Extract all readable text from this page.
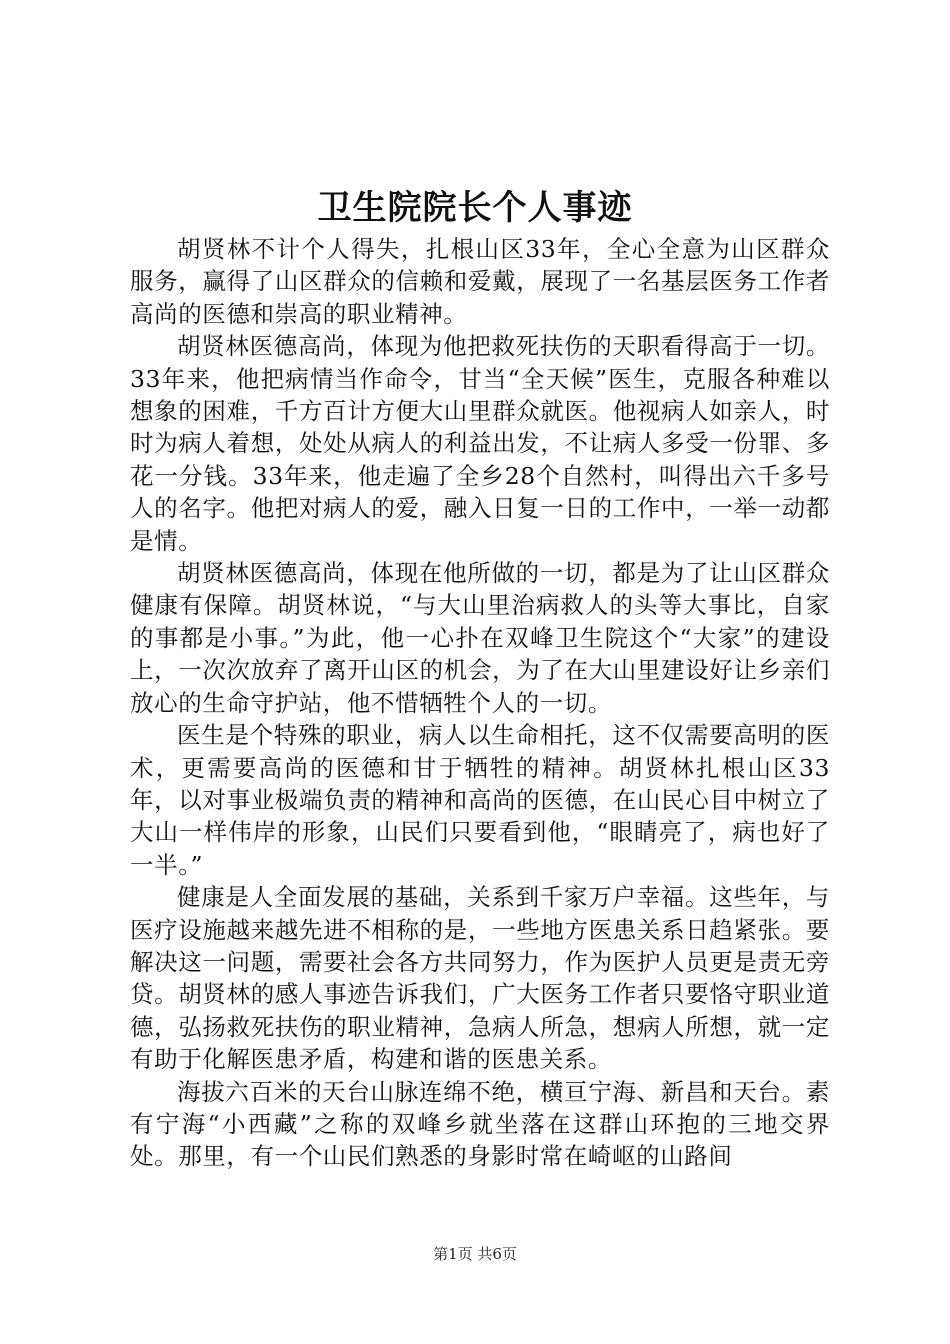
卫生院院长个人事迹

胡贤林不计个人得失，扎根山区33年，全心全意为山区群众服务，赢得了山区群众的信赖和爱戴，展现了一名基层医务工作者高尚的医德和崇高的职业精神。

胡贤林医德高尚，体现为他把救死扶伤的天职看得高于一切。33年来，他把病情当作命令，甘当“全天候”医生，克服各种难以想象的困难，千方百计方便大山里群众就医。他视病人如亲人，时时为病人着想，处处从病人的利益出发，不让病人多受一份罪、多花一分钱。33年来，他走遍了全乡28个自然村，叫得出六千多号人的名字。他把对病人的爱，融入日复一日的工作中，一举一动都是情。

胡贤林医德高尚，体现在他所做的一切，都是为了让山区群众健康有保障。胡贤林说，“与大山里治病救人的头等大事比，自家的事都是小事。”为此，他一心扑在双峰卫生院这个“大家”的建设上，一次次放弃了离开山区的机会，为了在大山里建设好让乡亲们放心的生命守护站，他不惜牺牲个人的一切。

医生是个特殊的职业，病人以生命相托，这不仅需要高明的医术，更需要高尚的医德和甘于牺牲的精神。胡贤林扎根山区33年，以对事业极端负责的精神和高尚的医德，在山民心目中树立了大山一样伟岸的形象，山民们只要看到他，“眼睛亮了，病也好了一半。”

健康是人全面发展的基础，关系到千家万户幸福。这些年，与医疗设施越来越先进不相称的是，一些地方医患关系日趋紧张。要解决这一问题，需要社会各方共同努力，作为医护人员更是责无旁贷。胡贤林的感人事迹告诉我们，广大医务工作者只要恪守职业道德，弘扬救死扶伤的职业精神，急病人所急，想病人所想，就一定有助于化解医患矛盾，构建和谐的医患关系。

海拔六百米的天台山脉连绵不绝，横亘宁海、新昌和天台。素有宁海“小西藏”之称的双峰乡就坐落在这群山环抱的三地交界处。那里，有一个山民们熟悉的身影时常在崎岖的山路间

第1页 共6页
